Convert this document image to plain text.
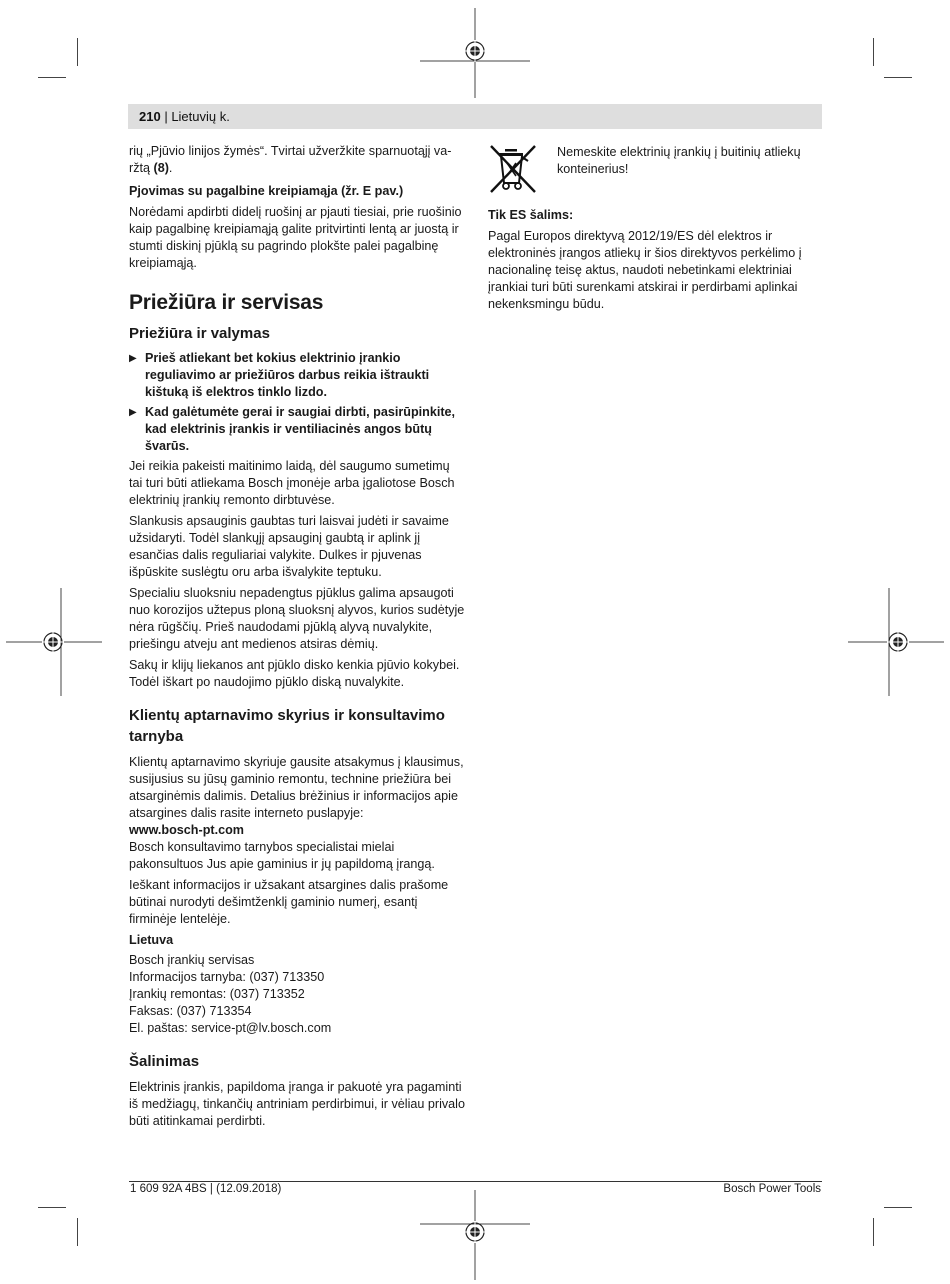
210 | Lietuvių k.

rių „Pjūvio linijos žymės“. Tvirtai užveržkite sparnuotąjį va-
ržtą (8).

Pjovimas su pagalbine kreipiamąja (žr. E pav.)

Norėdami apdirbti didelį ruošinį ar pjauti tiesiai, prie ruošinio kaip pagalbinę kreipiamąją galite pritvirtinti lentą ar juostą ir stumti diskinį pjūklą su pagrindo plokšte palei pagalbinę kreipiamąją.

Priežiūra ir servisas
Priežiūra ir valymas
▶ Prieš atliekant bet kokius elektrinio įrankio reguliavimo ar priežiūros darbus reikia ištraukti kištuką iš elektros tinklo lizdo.
▶ Kad galėtumėte gerai ir saugiai dirbti, pasirūpinkite, kad elektrinis įrankis ir ventiliacinės angos būtų švarūs.

Jei reikia pakeisti maitinimo laidą, dėl saugumo sumetimų tai turi būti atliekama Bosch įmonėje arba įgaliotose Bosch elektrinių įrankių remonto dirbtuvėse.

Slankusis apsauginis gaubtas turi laisvai judėti ir savaime užsidaryti. Todėl slankųjį apsauginį gaubtą ir aplink jį esančias dalis reguliariai valykite. Dulkes ir pjuvenas išpūskite suslėgtu oru arba išvalykite teptuku.

Specialiu sluoksniu nepadengtus pjūklus galima apsaugoti nuo korozijos užtepus ploną sluoksnį alyvos, kurios sudėtyje nėra rūgščių. Prieš naudodami pjūklą alyvą nuvalykite, priešingu atveju ant medienos atsiras dėmių.

Sakų ir klijų liekanos ant pjūklo disko kenkia pjūvio kokybei. Todėl iškart po naudojimo pjūklo diską nuvalykite.

Klientų aptarnavimo skyrius ir konsultavimo tarnyba

Klientų aptarnavimo skyriuje gausite atsakymus į klausimus, susijusius su jūsų gaminio remontu, technine priežiūra bei atsarginėmis dalimis. Detalius brėžinius ir informacijos apie atsargines dalis rasite interneto puslapyje:
www.bosch-pt.com
Bosch konsultavimo tarnybos specialistai mielai pakonsultuos Jus apie gaminius ir jų papildomą įrangą.

Ieškant informacijos ir užsakant atsargines dalis prašome būtinai nurodyti dešimtženklį gaminio numerį, esantį firminėje lentelėje.

Lietuva

Bosch įrankių servisas
Informacijos tarnyba: (037) 713350
Įrankių remontas: (037) 713352
Faksas: (037) 713354
El. paštas: service-pt@lv.bosch.com
Šalinimas

Elektrinis įrankis, papildoma įranga ir pakuotė yra pagaminti iš medžiagų, tinkančių antriniam perdirbimui, ir vėliau privalo būti atitinkamai perdirbti.

Nemeskite elektrinių įrankių į buitinių atliekų konteinerius!

Tik ES šalims:

Pagal Europos direktyvą 2012/19/ES dėl elektros ir elektroninės įrangos atliekų ir šios direktyvos perkėlimo į nacionalinę teisę aktus, naudoti nebetinkami elektriniai įrankiai turi būti surenkami atskirai ir perdirbami aplinkai nekenksmingu būdu.

1 609 92A 4BS | (12.09.2018)	Bosch Power Tools
